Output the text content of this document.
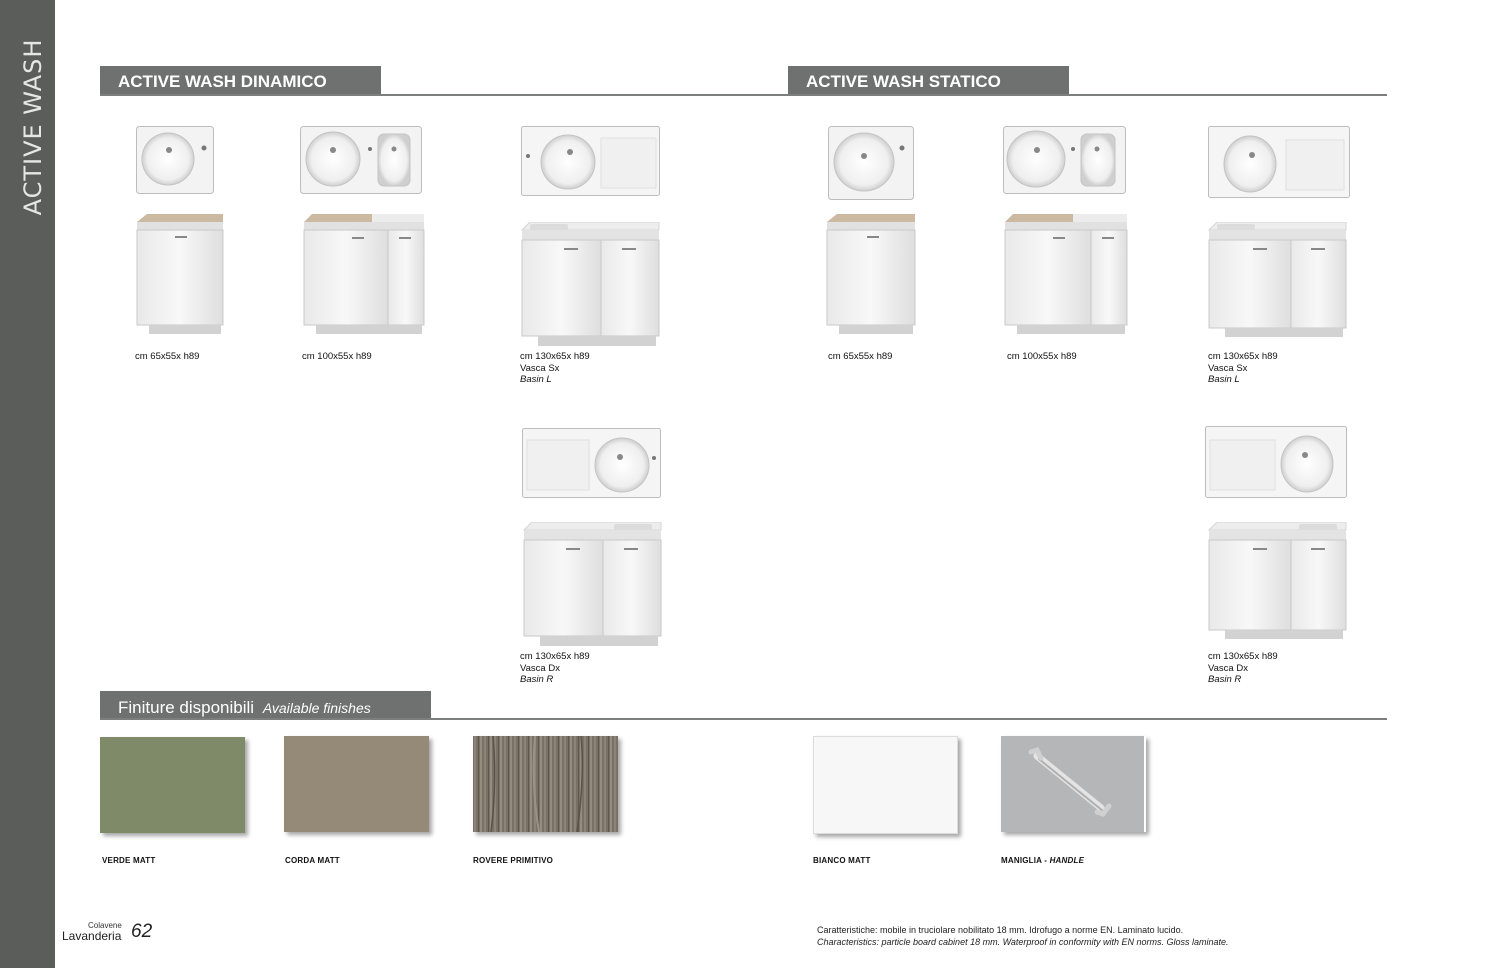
ACTIVE WASH	ACTIVE WASH DINAMICO	ACTIVE WASH STATICO
cm 65x55x h89	cm 100x55x h89	cm 130x65x h89
Vasca Sx
Basin L
cm 130x65x h89
Vasca Dx
Basin R
cm 65x55x h89	cm 100x55x h89	cm 130x65x h89
Vasca Sx
Basin L
cm 130x65x h89
Vasca Dx
Basin R
Finiture disponibili Available finishes
VERDE MATT	CORDA MATT	ROVERE PRIMITIVO	BIANCO MATT	MANIGLIA - HANDLE
Colavene
Lavanderia 62	Caratteristiche: mobile in truciolare nobilitato 18 mm. Idrofugo a norme EN. Laminato lucido.
Characteristics: particle board cabinet 18 mm. Waterproof in conformity with EN norms. Gloss laminate.
